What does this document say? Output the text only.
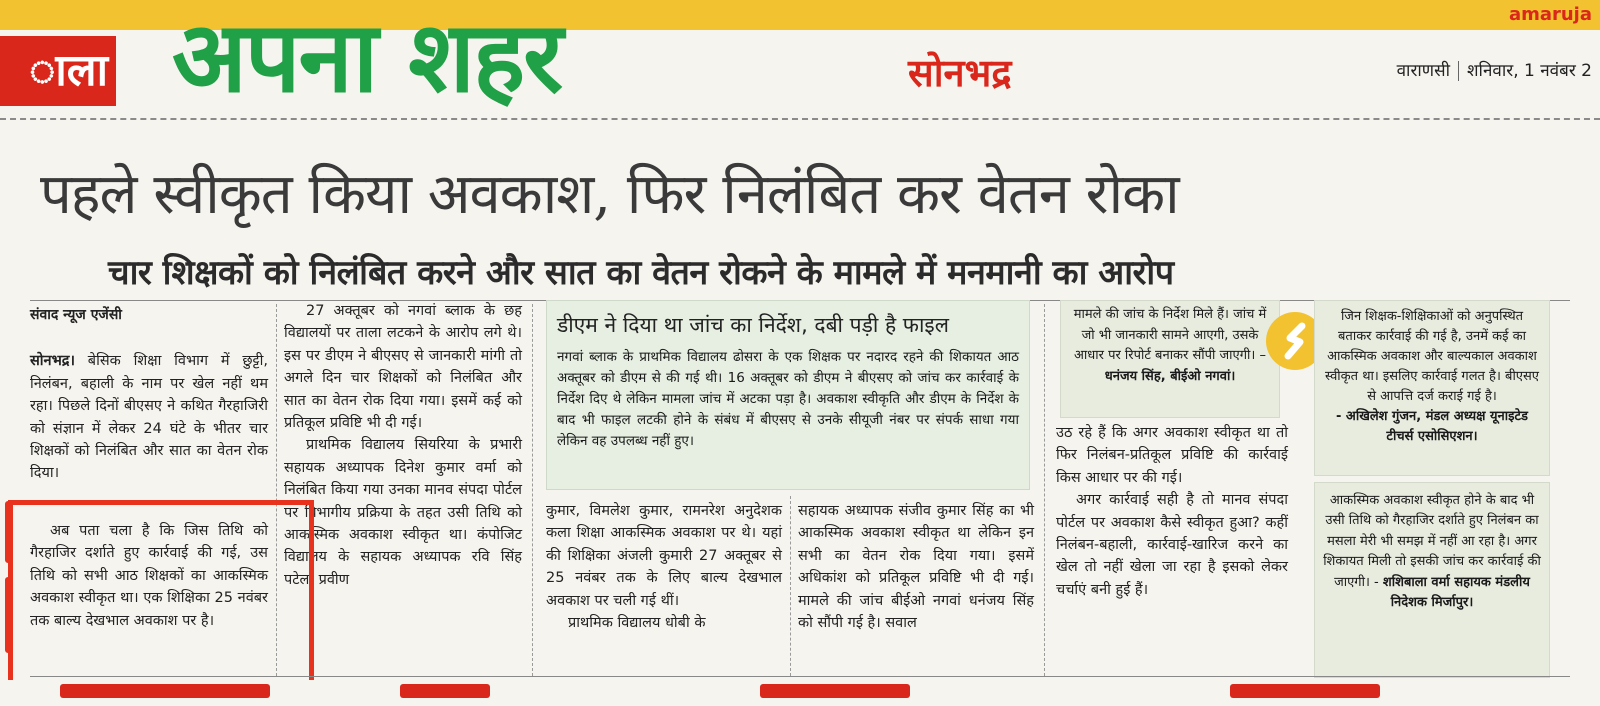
amaruja
ाला अपना शहर	सोनभद्र	वाराणसी शनिवार, 1 नवंबर 2
पहले स्वीकृत किया अवकाश, फिर निलंबित कर वेतन रोका
चार शिक्षकों को निलंबित करने और सात का वेतन रोकने के मामले में मनमानी का आरोप

संवाद न्यूज एजेंसी

सोनभद्र। बेसिक शिक्षा विभाग में छुट्टी, निलंबन, बहाली के नाम पर खेल नहीं थम रहा। पिछले दिनों बीएसए ने कथित गैरहाजिरी को संज्ञान में लेकर 24 घंटे के भीतर चार शिक्षकों को निलंबित और सात का वेतन रोक दिया।

अब पता चला है कि जिस तिथि को गैरहाजिर दर्शाते हुए कार्रवाई की गई, उस तिथि को सभी आठ शिक्षकों का आकस्मिक अवकाश स्वीकृत था। एक शिक्षिका 25 नवंबर तक बाल्य देखभाल अवकाश पर है।

27 अक्तूबर को नगवां ब्लाक के छह विद्यालयों पर ताला लटकने के आरोप लगे थे। इस पर डीएम ने बीएसए से जानकारी मांगी तो अगले दिन चार शिक्षकों को निलंबित और सात का वेतन रोक दिया गया। इसमें कई को प्रतिकूल प्रविष्टि भी दी गई।

प्राथमिक विद्यालय सियरिया के प्रभारी सहायक अध्यापक दिनेश कुमार वर्मा को निलंबित किया गया उनका मानव संपदा पोर्टल पर विभागीय प्रक्रिया के तहत उसी तिथि को आकस्मिक अवकाश स्वीकृत था। कंपोजिट विद्यालय के सहायक अध्यापक रवि सिंह पटेल, प्रवीण

डीएम ने दिया था जांच का निर्देश, दबी पड़ी है फाइल

नगवां ब्लाक के प्राथमिक विद्यालय ढोसरा के एक शिक्षक पर नदारद रहने की शिकायत आठ अक्तूबर को डीएम से की गई थी। 16 अक्तूबर को डीएम ने बीएसए को जांच कर कार्रवाई के निर्देश दिए थे लेकिन मामला जांच में अटका पड़ा है। अवकाश स्वीकृति और डीएम के निर्देश के बाद भी फाइल लटकी होने के संबंध में बीएसए से उनके सीयूजी नंबर पर संपर्क साधा गया लेकिन वह उपलब्ध नहीं हुए।

कुमार, विमलेश कुमार, रामनरेश अनुदेशक कला शिक्षा आकस्मिक अवकाश पर थे। यहां की शिक्षिका अंजली कुमारी 27 अक्तूबर से 25 नवंबर तक के लिए बाल्य देखभाल अवकाश पर चली गई थीं।

प्राथमिक विद्यालय धोबी के

सहायक अध्यापक संजीव कुमार सिंह का भी आकस्मिक अवकाश स्वीकृत था लेकिन इन सभी का वेतन रोक दिया गया। इसमें अधिकांश को प्रतिकूल प्रविष्टि भी दी गई। मामले की जांच बीईओ नगवां धनंजय सिंह को सौंपी गई है। सवाल

मामले की जांच के निर्देश मिले हैं। जांच में जो भी जानकारी सामने आएगी, उसके आधार पर रिपोर्ट बनाकर सौंपी जाएगी। – धनंजय सिंह, बीईओ नगवां।

उठ रहे हैं कि अगर अवकाश स्वीकृत था तो फिर निलंबन-प्रतिकूल प्रविष्टि की कार्रवाई किस आधार पर की गई।

अगर कार्रवाई सही है तो मानव संपदा पोर्टल पर अवकाश कैसे स्वीकृत हुआ? कहीं निलंबन-बहाली, कार्रवाई-खारिज करने का खेल तो नहीं खेला जा रहा है इसको लेकर चर्चाएं बनी हुई हैं।

जिन शिक्षक-शिक्षिकाओं को अनुपस्थित बताकर कार्रवाई की गई है, उनमें कई का आकस्मिक अवकाश और बाल्यकाल अवकाश स्वीकृत था। इसलिए कार्रवाई गलत है। बीएसए से आपत्ति दर्ज कराई गई है।
- अखिलेश गुंजन, मंडल अध्यक्ष यूनाइटेड टीचर्स एसोसिएशन।
आकस्मिक अवकाश स्वीकृत होने के बाद भी उसी तिथि को गैरहाजिर दर्शाते हुए निलंबन का मसला मेरी भी समझ में नहीं आ रहा है। अगर शिकायत मिली तो इसकी जांच कर कार्रवाई की जाएगी। - शशिबाला वर्मा सहायक मंडलीय निदेशक मिर्जापुर।
